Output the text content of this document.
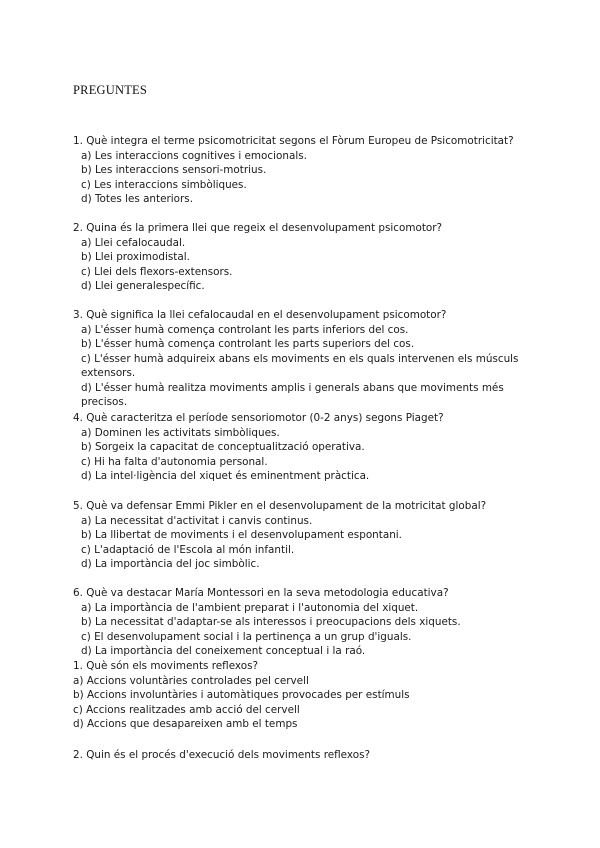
PREGUNTES
1. Què integra el terme psicomotricitat segons el Fòrum Europeu de Psicomotricitat?
a) Les interaccions cognitives i emocionals.
b) Les interaccions sensori-motrius.
c) Les interaccions simbòliques.
d) Totes les anteriors.
2. Quina és la primera llei que regeix el desenvolupament psicomotor?
a) Llei cefalocaudal.
b) Llei proximodistal.
c) Llei dels flexors-extensors.
d) Llei generalespecífic.
3. Què significa la llei cefalocaudal en el desenvolupament psicomotor?
a) L'ésser humà comença controlant les parts inferiors del cos.
b) L'ésser humà comença controlant les parts superiors del cos.
c) L'ésser humà adquireix abans els moviments en els quals intervenen els músculs extensors.
d) L'ésser humà realitza moviments amplis i generals abans que moviments més precisos.
4. Què caracteritza el període sensoriomotor (0-2 anys) segons Piaget?
a) Dominen les activitats simbòliques.
b) Sorgeix la capacitat de conceptualització operativa.
c) Hi ha falta d'autonomia personal.
d) La intel·ligència del xiquet és eminentment pràctica.
5. Què va defensar Emmi Pikler en el desenvolupament de la motricitat global?
a) La necessitat d'activitat i canvis continus.
b) La llibertat de moviments i el desenvolupament espontani.
c) L'adaptació de l'Escola al món infantil.
d) La importància del joc simbòlic.
6. Què va destacar María Montessori en la seva metodologia educativa?
a) La importància de l'ambient preparat i l'autonomia del xiquet.
b) La necessitat d'adaptar-se als interessos i preocupacions dels xiquets.
c) El desenvolupament social i la pertinença a un grup d'iguals.
d) La importància del coneixement conceptual i la raó.
1. Què són els moviments reflexos?
a) Accions voluntàries controlades pel cervell
b) Accions involuntàries i automàtiques provocades per estímuls
c) Accions realitzades amb acció del cervell
d) Accions que desapareixen amb el temps
2. Quin és el procés d'execució dels moviments reflexos?
